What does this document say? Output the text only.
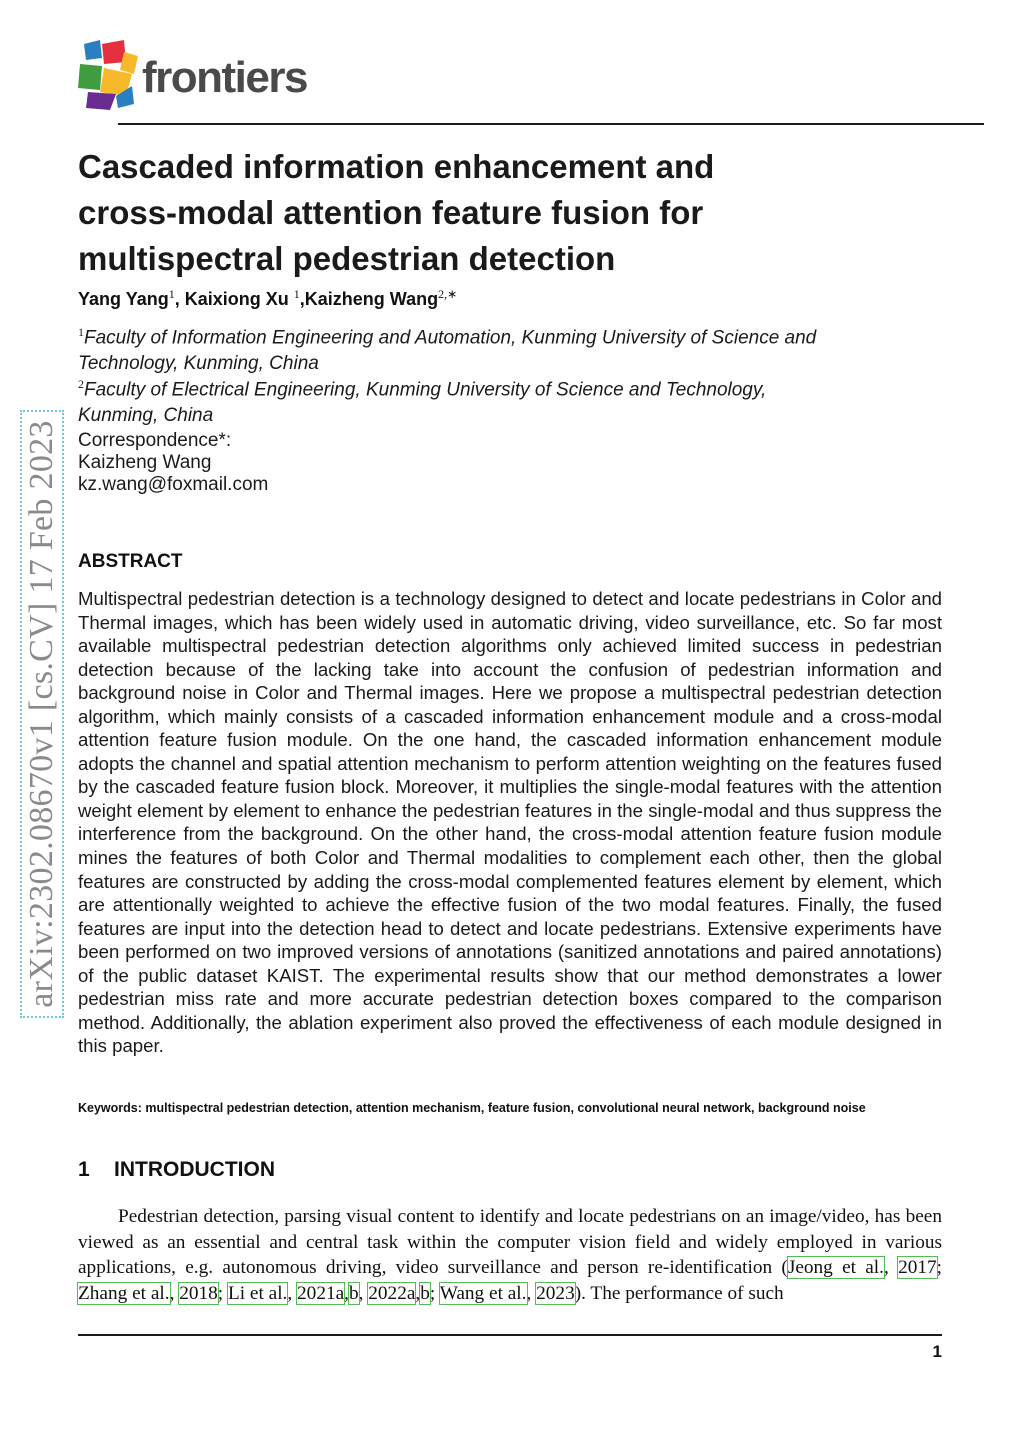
frontiers
arXiv:2302.08670v1 [cs.CV] 17 Feb 2023
Cascaded information enhancement and cross-modal attention feature fusion for multispectral pedestrian detection
Yang Yang$^1$, Kaixiong Xu $^1$,Kaizheng Wang$^{2,∗}$
$^1$Faculty of Information Engineering and Automation, Kunming University of Science and Technology, Kunming, China
$^2$Faculty of Electrical Engineering, Kunming University of Science and Technology, Kunming, China
Correspondence*:
Kaizheng Wang
kz.wang@foxmail.com
ABSTRACT

Multispectral pedestrian detection is a technology designed to detect and locate pedestrians in Color and Thermal images, which has been widely used in automatic driving, video surveillance, etc. So far most available multispectral pedestrian detection algorithms only achieved limited success in pedestrian detection because of the lacking take into account the confusion of pedestrian information and background noise in Color and Thermal images. Here we propose a multispectral pedestrian detection algorithm, which mainly consists of a cascaded information enhancement module and a cross-modal attention feature fusion module. On the one hand, the cascaded information enhancement module adopts the channel and spatial attention mechanism to perform attention weighting on the features fused by the cascaded feature fusion block. Moreover, it multiplies the single-modal features with the attention weight element by element to enhance the pedestrian features in the single-modal and thus suppress the interference from the background. On the other hand, the cross-modal attention feature fusion module mines the features of both Color and Thermal modalities to complement each other, then the global features are constructed by adding the cross-modal complemented features element by element, which are attentionally weighted to achieve the effective fusion of the two modal features. Finally, the fused features are input into the detection head to detect and locate pedestrians. Extensive experiments have been performed on two improved versions of annotations (sanitized annotations and paired annotations) of the public dataset KAIST. The experimental results show that our method demonstrates a lower pedestrian miss rate and more accurate pedestrian detection boxes compared to the comparison method. Additionally, the ablation experiment also proved the effectiveness of each module designed in this paper.

Keywords: multispectral pedestrian detection, attention mechanism, feature fusion, convolutional neural network, background noise
1 INTRODUCTION

Pedestrian detection, parsing visual content to identify and locate pedestrians on an image/video, has been viewed as an essential and central task within the computer vision field and widely employed in various applications, e.g. autonomous driving, video surveillance and person re-identification (Jeong et al., 2017; Zhang et al., 2018; Li et al., 2021a,b, 2022a,b; Wang et al., 2023). The performance of such

1
